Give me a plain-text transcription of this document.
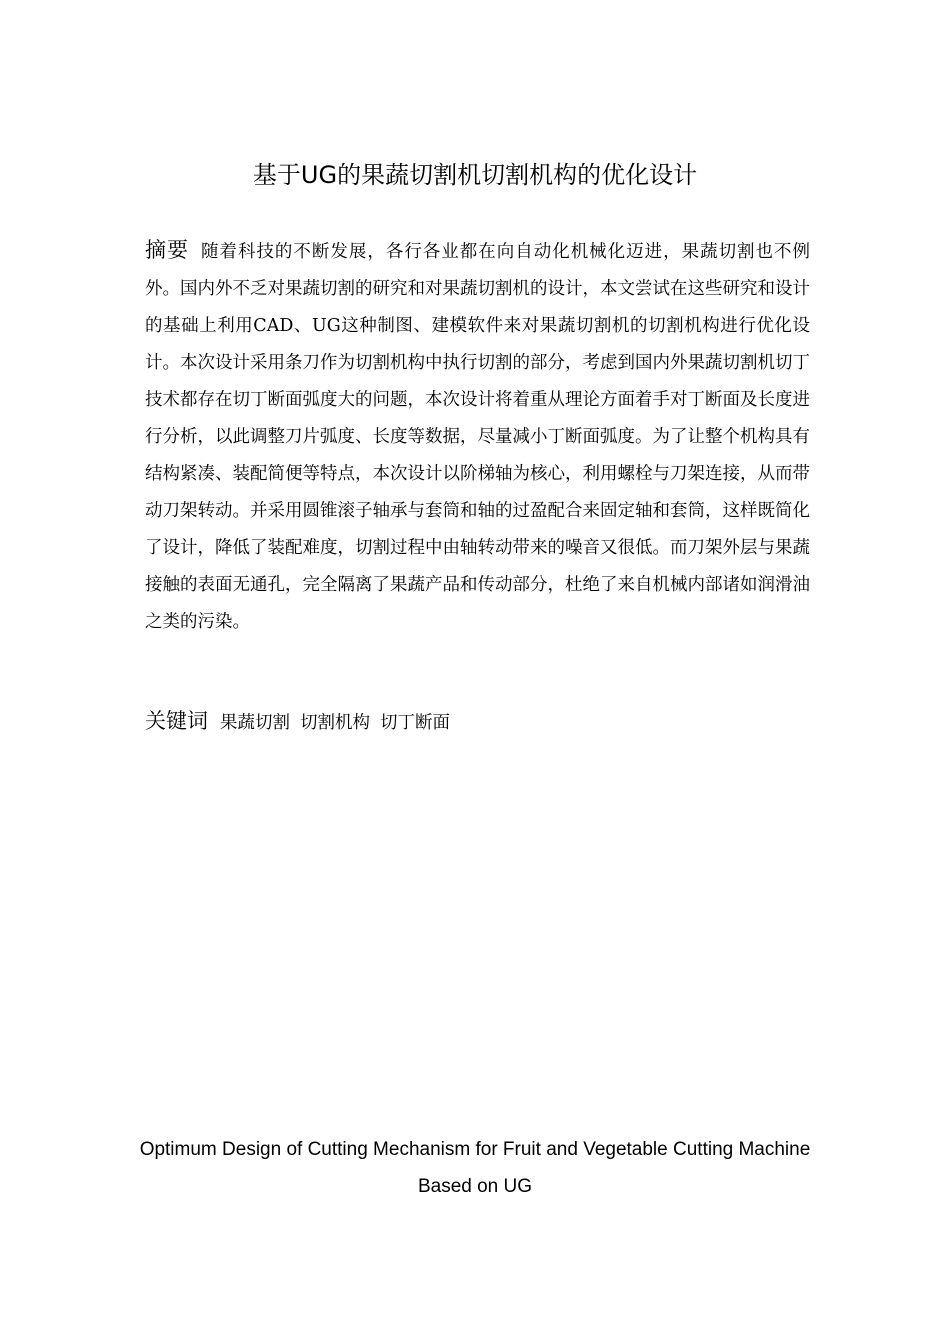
基于UG的果蔬切割机切割机构的优化设计
摘要 随着科技的不断发展，各行各业都在向自动化机械化迈进，果蔬切割也不例外。国内外不乏对果蔬切割的研究和对果蔬切割机的设计，本文尝试在这些研究和设计的基础上利用CAD、UG这种制图、建模软件来对果蔬切割机的切割机构进行优化设计。本次设计采用条刀作为切割机构中执行切割的部分，考虑到国内外果蔬切割机切丁技术都存在切丁断面弧度大的问题，本次设计将着重从理论方面着手对丁断面及长度进行分析，以此调整刀片弧度、长度等数据，尽量减小丁断面弧度。为了让整个机构具有结构紧凑、装配简便等特点，本次设计以阶梯轴为核心，利用螺栓与刀架连接，从而带动刀架转动。并采用圆锥滚子轴承与套筒和轴的过盈配合来固定轴和套筒，这样既简化了设计，降低了装配难度，切割过程中由轴转动带来的噪音又很低。而刀架外层与果蔬接触的表面无通孔，完全隔离了果蔬产品和传动部分，杜绝了来自机械内部诸如润滑油之类的污染。
关键词 果蔬切割 切割机构 切丁断面
Optimum Design of Cutting Mechanism for Fruit and Vegetable Cutting Machine Based on UG
